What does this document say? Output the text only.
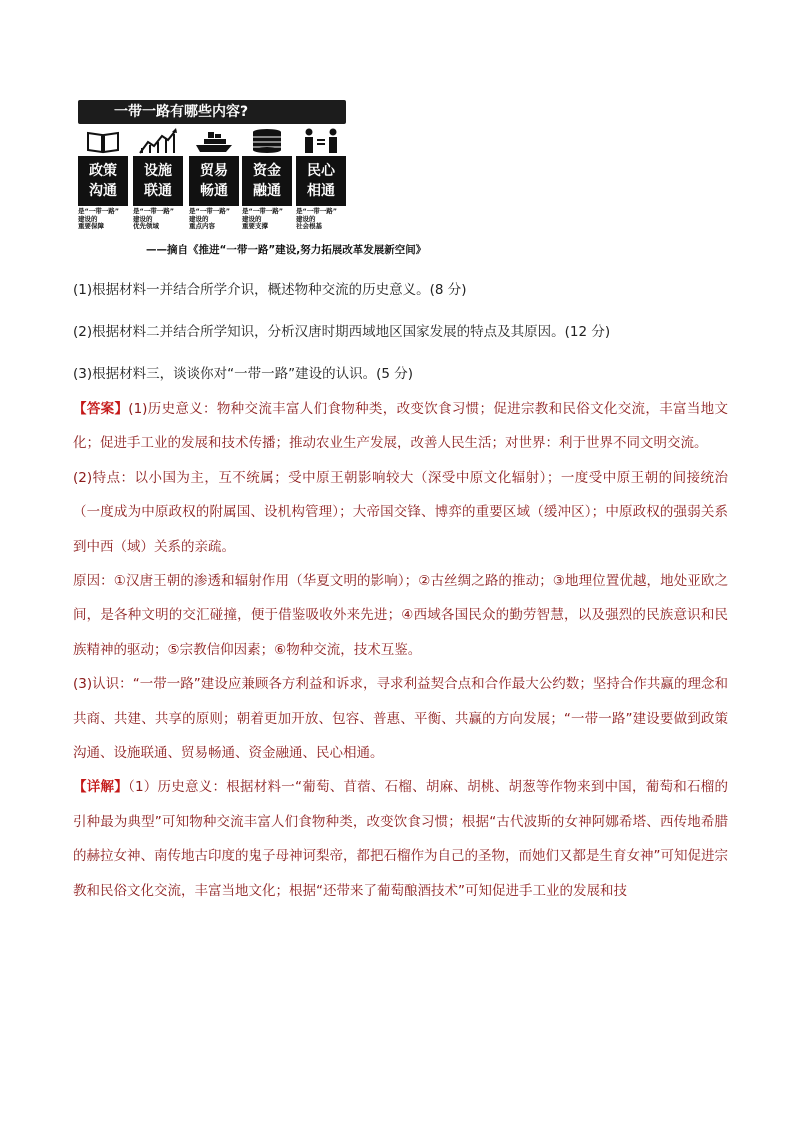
一带一路有哪些内容?
政策
沟通
是“一带一路”
建设的
重要保障
设施
联通
是“一带一路”
建设的
优先领域
贸易
畅通
是“一带一路”
建设的
重点内容
资金
融通
是“一带一路”
建设的
重要支撑
民心
相通
是“一带一路”
建设的
社会根基
——摘自《推进“一带一路”建设,努力拓展改革发展新空间》
(1)根据材料一并结合所学介识，概述物种交流的历史意义。(8 分)
(2)根据材料二并结合所学知识，分析汉唐时期西域地区国家发展的特点及其原因。(12 分)
(3)根据材料三，谈谈你对“一带一路”建设的认识。(5 分)

【答案】(1)历史意义：物种交流丰富人们食物种类，改变饮食习惯；促进宗教和民俗文化交流，丰富当地文化；促进手工业的发展和技术传播；推动农业生产发展，改善人民生活；对世界：利于世界不同文明交流。

(2)特点：以小国为主，互不统属；受中原王朝影响较大（深受中原文化辐射）；一度受中原王朝的间接统治（一度成为中原政权的附属国、设机构管理）；大帝国交锋、博弈的重要区域（缓冲区）；中原政权的强弱关系到中西（域）关系的亲疏。

原因：①汉唐王朝的渗透和辐射作用（华夏文明的影响）；②古丝绸之路的推动；③地理位置优越，地处亚欧之间，是各种文明的交汇碰撞，便于借鉴吸收外来先进；④西域各国民众的勤劳智慧，以及强烈的民族意识和民族精神的驱动；⑤宗教信仰因素；⑥物种交流，技术互鉴。

(3)认识：“一带一路”建设应兼顾各方利益和诉求，寻求利益契合点和合作最大公约数；坚持合作共赢的理念和共商、共建、共享的原则；朝着更加开放、包容、普惠、平衡、共赢的方向发展；“一带一路”建设要做到政策沟通、设施联通、贸易畅通、资金融通、民心相通。

【详解】（1）历史意义：根据材料一“葡萄、苜蓿、石榴、胡麻、胡桃、胡葱等作物来到中国，葡萄和石榴的引种最为典型”可知物种交流丰富人们食物种类，改变饮食习惯；根据“古代波斯的女神阿娜希塔、西传地希腊的赫拉女神、南传地古印度的鬼子母神诃梨帝，都把石榴作为自己的圣物，而她们又都是生育女神”可知促进宗教和民俗文化交流，丰富当地文化；根据“还带来了葡萄酿酒技术”可知促进手工业的发展和技
